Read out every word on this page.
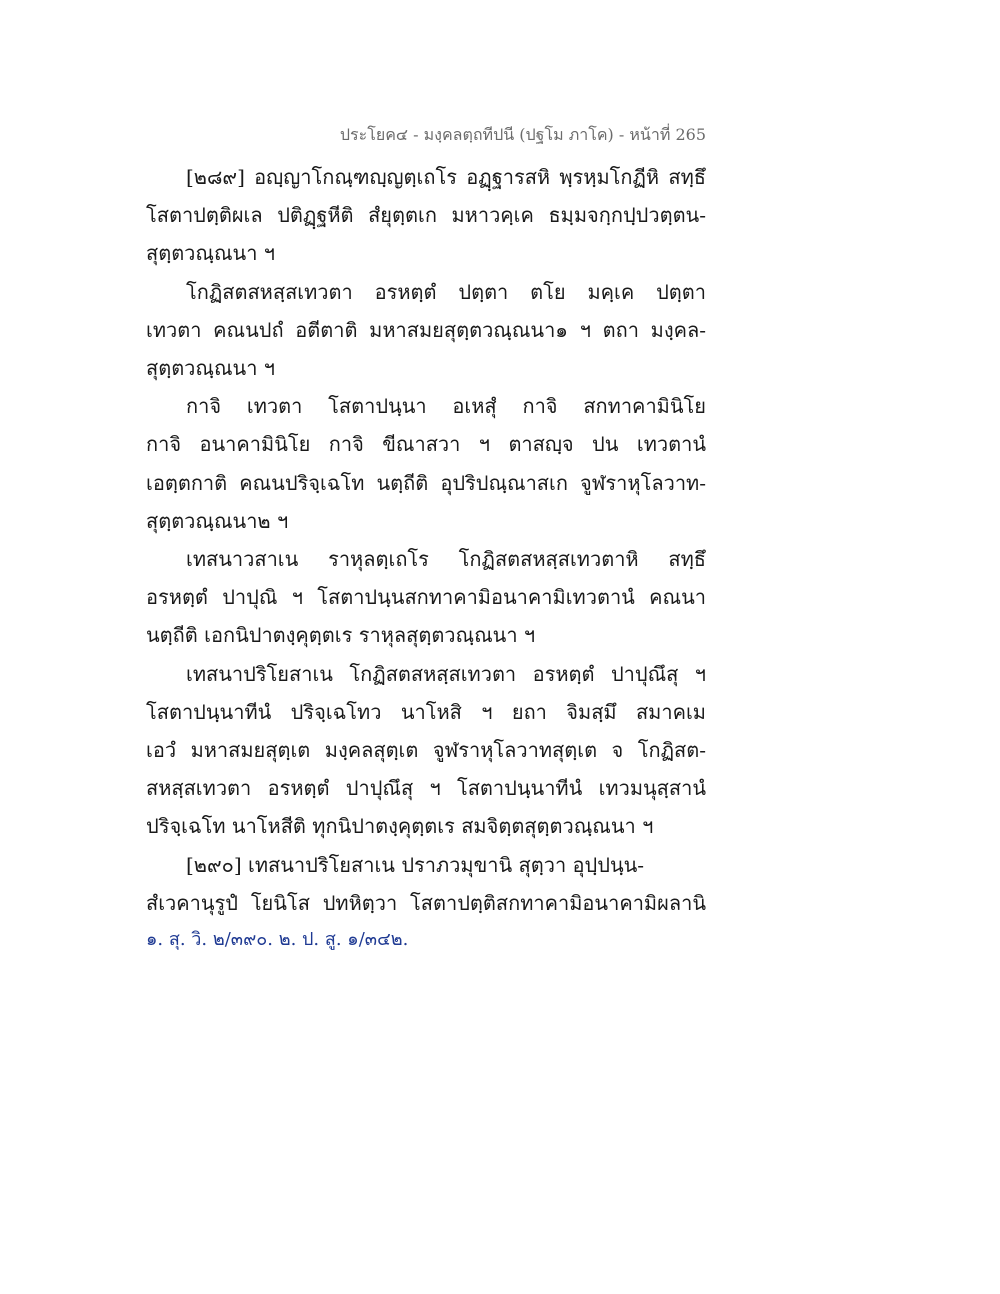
ประโยค๔ - มงฺคลตฺถทีปนี (ปฐโม ภาโค) - หน้าที่ 265
[๒๘๙] อญฺญาโกณฺฑญฺญตฺเถโร อฏฺฐารสหิ พฺรหฺมโกฏีหิ สทฺธึ
โสตาปตฺติผเล ปติฏฺฐหีติ สํยุตฺตเก มหาวคฺเค ธมฺมจกฺกปฺปวตฺตน-
สุตฺตวณฺณนา ฯ
โกฏิสตสหสฺสเทวตา อรหตฺตํ ปตฺตา ตโย มคฺเค ปตฺตา
เทวตา คณนปถํ อตีตาติ มหาสมยสุตฺตวณฺณนา๑ ฯ ตถา มงฺคล-
สุตฺตวณฺณนา ฯ
กาจิ เทวตา โสตาปนฺนา อเหสุํ กาจิ สกทาคามินิโย
กาจิ อนาคามินิโย กาจิ ขีณาสวา ฯ ตาสญฺจ ปน เทวตานํ
เอตฺตกาติ คณนปริจฺเฉโท นตฺถีติ อุปริปณฺณาสเก จูฬราหุโลวาท-
สุตฺตวณฺณนา๒ ฯ
เทสนาวสาเน ราหุลตฺเถโร โกฏิสตสหสฺสเทวตาหิ สทฺธึ
อรหตฺตํ ปาปุณิ ฯ โสตาปนฺนสกทาคามิอนาคามิเทวตานํ คณนา
นตฺถีติ เอกนิปาตงฺคุตฺตเร ราหุลสุตฺตวณฺณนา ฯ
เทสนาปริโยสาเน โกฏิสตสหสฺสเทวตา อรหตฺตํ ปาปุณึสุ ฯ
โสตาปนฺนาทีนํ ปริจฺเฉโทว นาโหสิ ฯ ยถา จิมสฺมึ สมาคเม
เอวํ มหาสมยสุตฺเต มงฺคลสุตฺเต จูฬราหุโลวาทสุตฺเต จ โกฏิสต-
สหสฺสเทวตา อรหตฺตํ ปาปุณึสุ ฯ โสตาปนฺนาทีนํ เทวมนุสฺสานํ
ปริจฺเฉโท นาโหสีติ ทุกนิปาตงฺคุตฺตเร สมจิตฺตสุตฺตวณฺณนา ฯ
[๒๙๐] เทสนาปริโยสาเน ปราภวมุขานิ สุตฺวา อุปฺปนฺน-
สํเวคานุรูปํ โยนิโส ปทหิตฺวา โสตาปตฺติสกทาคามิอนาคามิผลานิ
๑. สุ. วิ. ๒/๓๙๐. ๒. ป. สู. ๑/๓๔๒.
